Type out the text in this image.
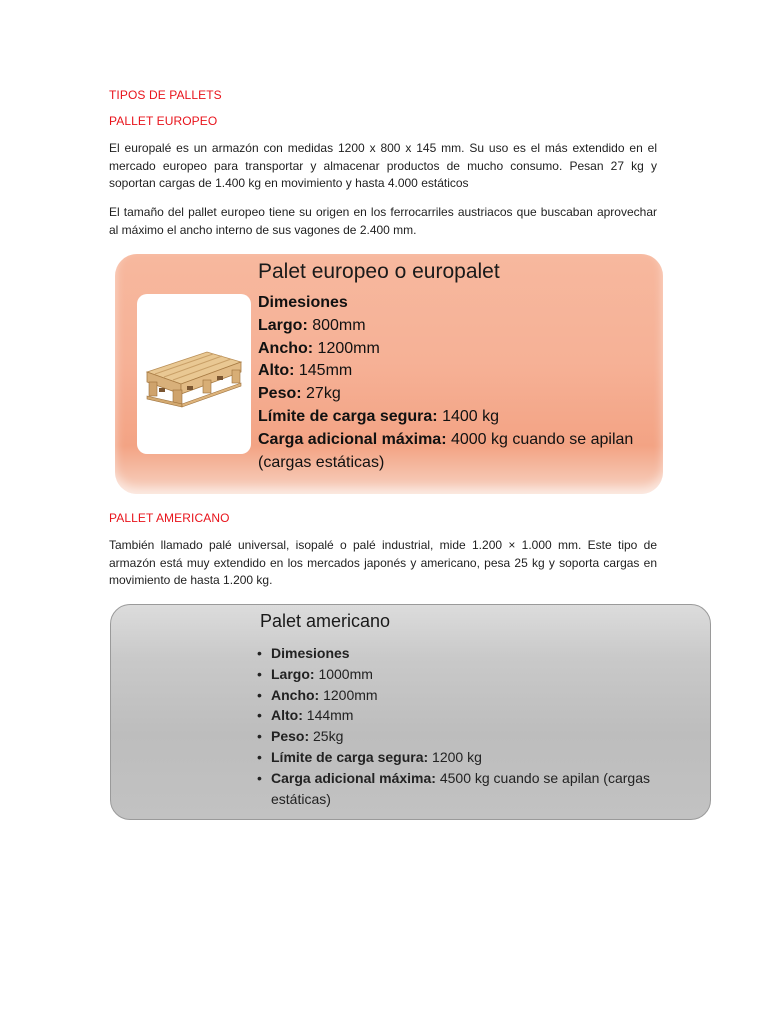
TIPOS DE PALLETS
PALLET EUROPEO

El europalé es un armazón con medidas 1200 x 800 x 145 mm. Su uso es el más extendido en el mercado europeo para transportar y almacenar productos de mucho consumo. Pesan 27 kg y soportan cargas de 1.400 kg en movimiento y hasta 4.000 estáticos

El tamaño del pallet europeo tiene su origen en los ferrocarriles austriacos que buscaban aprovechar al máximo el ancho interno de sus vagones de 2.400 mm.

Palet europeo o europalet
Dimesiones
Largo: 800mm
Ancho: 1200mm
Alto: 145mm
Peso: 27kg
Límite de carga segura: 1400 kg
Carga adicional máxima: 4000 kg cuando se apilan (cargas estáticas)
PALLET AMERICANO

También llamado palé universal, isopalé o palé industrial, mide 1.200 × 1.000 mm. Este tipo de armazón está muy extendido en los mercados japonés y americano, pesa 25 kg y soporta cargas en movimiento de hasta 1.200 kg.

Palet americano
• Dimesiones
• Largo: 1000mm
• Ancho: 1200mm
• Alto: 144mm
• Peso: 25kg
• Límite de carga segura: 1200 kg
• Carga adicional máxima: 4500 kg cuando se apilan (cargas estáticas)
